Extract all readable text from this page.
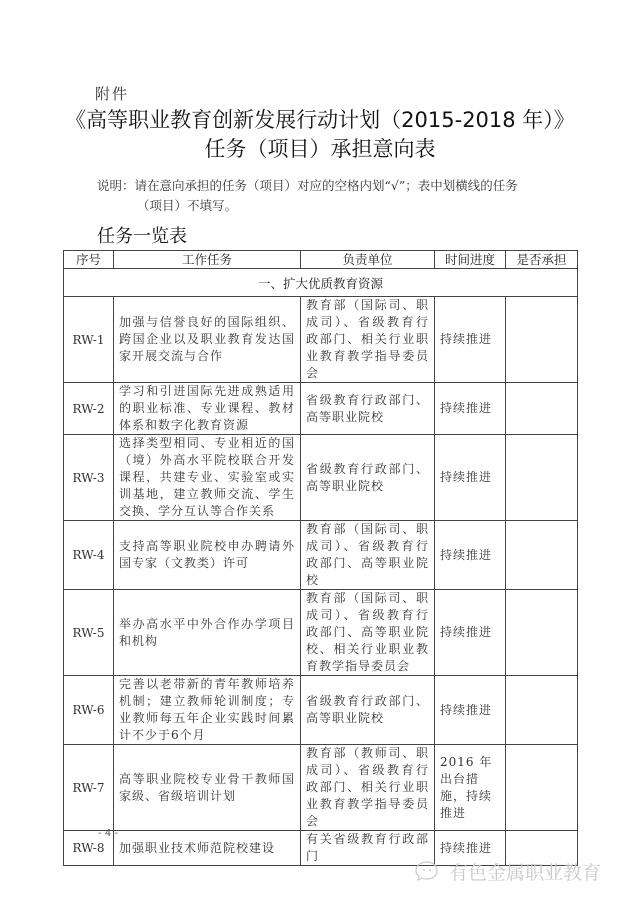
附件
《高等职业教育创新发展行动计划（2015-2018 年）》
任务（项目）承担意向表
说明：请在意向承担的任务（项目）对应的空格内划“√”；表中划横线的任务
（项目）不填写。
任务一览表
序号	工作任务	负责单位	时间进度	是否承担
一、扩大优质教育资源				
RW-1	加强与信誉良好的国际组织、跨国企业以及职业教育发达国家开展交流与合作	教育部（国际司、职成司）、省级教育行政部门、相关行业职业教育教学指导委员会	持续推进	
RW-2	学习和引进国际先进成熟适用的职业标准、专业课程、教材体系和数字化教育资源	省级教育行政部门、高等职业院校	持续推进	
RW-3	选择类型相同、专业相近的国（境）外高水平院校联合开发课程，共建专业、实验室或实训基地，建立教师交流、学生交换、学分互认等合作关系	省级教育行政部门、高等职业院校	持续推进	
RW-4	支持高等职业院校申办聘请外国专家（文教类）许可	教育部（国际司、职成司）、省级教育行政部门、高等职业院校	持续推进	
RW-5	举办高水平中外合作办学项目和机构	教育部（国际司、职成司）、省级教育行政部门、高等职业院校、相关行业职业教育教学指导委员会	持续推进	
RW-6	完善以老带新的青年教师培养机制；建立教师轮训制度；专业教师每五年企业实践时间累计不少于6个月	省级教育行政部门、高等职业院校	持续推进	
RW-7	高等职业院校专业骨干教师国家级、省级培训计划	教育部（教师司、职成司）、省级教育行政部门、相关行业职业教育教学指导委员会	2016 年出台措施，持续推进	
RW-8	加强职业技术师范院校建设	有关省级教育行政部门	持续推进	
- 4 -
有色金属职业教育
